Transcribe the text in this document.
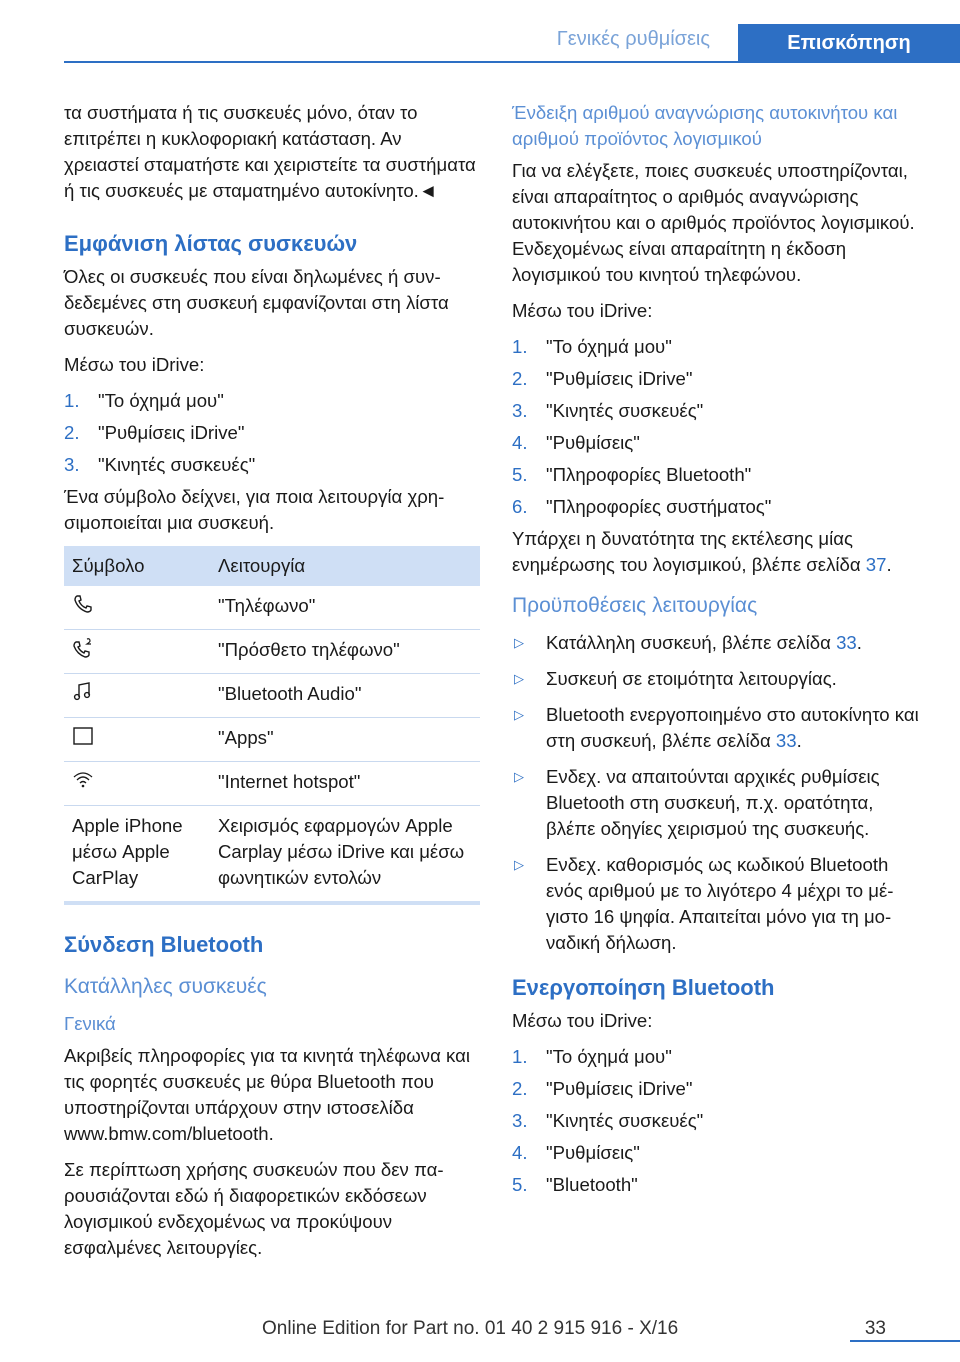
Γενικές ρυθμίσεις	Επισκόπηση

τα συστήματα ή τις συσκευές μόνο, όταν το επιτρέπει η κυκλοφοριακή κατάσταση. Αν χρειαστεί σταματήστε και χειριστείτε τα συστήματα ή τις συσκευές με σταματημένο αυτοκίνητο.◄

Εμφάνιση λίστας συσκευών

Όλες οι συσκευές που είναι δηλωμένες ή συνδεδεμένες στη συσκευή εμφανίζονται στη λίστα συσκευών.

Μέσω του iDrive:

1. "Το όχημά μου"
2. "Ρυθμίσεις iDrive"
3. "Κινητές συσκευές"

Ένα σύμβολο δείχνει, για ποια λειτουργία χρησιμοποιείται μια συσκευή.

Σύμβολο	Λειτουργία
	"Τηλέφωνο"
	"Πρόσθετο τηλέφωνο"
	"Bluetooth Audio"
	"Apps"
	"Internet hotspot"
Apple iPhone μέσω Apple CarPlay	Χειρισμός εφαρμογών Apple Carplay μέσω iDrive και μέσω φωνητικών εντολών
Σύνδεση Bluetooth
Κατάλληλες συσκευές
Γενικά

Ακριβείς πληροφορίες για τα κινητά τηλέφωνα και τις φορητές συσκευές με θύρα Bluetooth που υποστηρίζονται υπάρχουν στην ιστοσελίδα www.bmw.com/bluetooth.

Σε περίπτωση χρήσης συσκευών που δεν παρουσιάζονται εδώ ή διαφορετικών εκδόσεων λογισμικού ενδεχομένως να προκύψουν εσφαλμένες λειτουργίες.

Ένδειξη αριθμού αναγνώρισης αυτοκινήτου και αριθμού προϊόντος λογισμικού

Για να ελέγξετε, ποιες συσκευές υποστηρίζονται, είναι απαραίτητος ο αριθμός αναγνώρισης αυτοκινήτου και ο αριθμός προϊόντος λογισμικού. Ενδεχομένως είναι απαραίτητη η έκδοση λογισμικού του κινητού τηλεφώνου.

Μέσω του iDrive:

1. "Το όχημά μου"
2. "Ρυθμίσεις iDrive"
3. "Κινητές συσκευές"
4. "Ρυθμίσεις"
5. "Πληροφορίες Bluetooth"
6. "Πληροφορίες συστήματος"

Υπάρχει η δυνατότητα της εκτέλεσης μίας ενημέρωσης του λογισμικού, βλέπε σελίδα 37.

Προϋποθέσεις λειτουργίας
▷ Κατάλληλη συσκευή, βλέπε σελίδα 33.
▷ Συσκευή σε ετοιμότητα λειτουργίας.
▷ Bluetooth ενεργοποιημένο στο αυτοκίνητο και στη συσκευή, βλέπε σελίδα 33.
▷ Ενδεχ. να απαιτούνται αρχικές ρυθμίσεις Bluetooth στη συσκευή, π.χ. ορατότητα, βλέπε οδηγίες χειρισμού της συσκευής.
▷ Ενδεχ. καθορισμός ως κωδικού Bluetooth ενός αριθμού με το λιγότερο 4 μέχρι το μέγιστο 16 ψηφία. Απαιτείται μόνο για τη μοναδική δήλωση.
Ενεργοποίηση Bluetooth

Μέσω του iDrive:

1. "Το όχημά μου"
2. "Ρυθμίσεις iDrive"
3. "Κινητές συσκευές"
4. "Ρυθμίσεις"
5. "Bluetooth"
Online Edition for Part no. 01 40 2 915 916 - X/16	33
